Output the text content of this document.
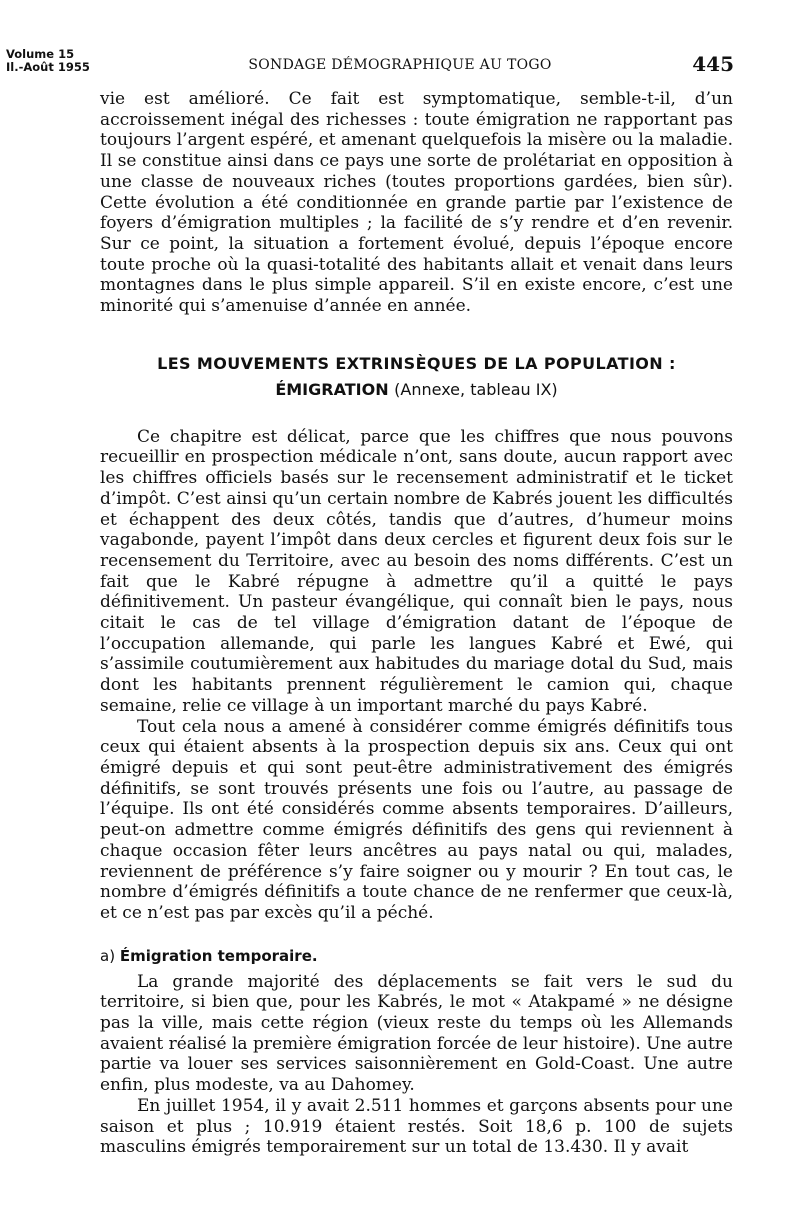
Volume 15
Il.-Août 1955	SONDAGE DÉMOGRAPHIQUE AU TOGO	445

vie est amélioré. Ce fait est symptomatique, semble-t-il, d’un accroissement inégal des richesses : toute émigration ne rapportant pas toujours l’argent espéré, et amenant quelquefois la misère ou la maladie. Il se constitue ainsi dans ce pays une sorte de prolétariat en opposition à une classe de nouveaux riches (toutes proportions gardées, bien sûr). Cette évolution a été conditionnée en grande partie par l’existence de foyers d’émigration multiples ; la facilité de s’y rendre et d’en revenir. Sur ce point, la situation a fortement évolué, depuis l’époque encore toute proche où la quasi-totalité des habitants allait et venait dans leurs montagnes dans le plus simple appareil. S’il en existe encore, c’est une minorité qui s’amenuise d’année en année.

LES MOUVEMENTS EXTRINSÈQUES DE LA POPULATION :
ÉMIGRATION (Annexe, tableau IX)

Ce chapitre est délicat, parce que les chiffres que nous pouvons recueillir en prospection médicale n’ont, sans doute, aucun rapport avec les chiffres officiels basés sur le recensement administratif et le ticket d’impôt. C’est ainsi qu’un certain nombre de Kabrés jouent les difficultés et échappent des deux côtés, tandis que d’autres, d’humeur moins vagabonde, payent l’impôt dans deux cercles et figurent deux fois sur le recensement du Territoire, avec au besoin des noms différents. C’est un fait que le Kabré répugne à admettre qu’il a quitté le pays définitivement. Un pasteur évangélique, qui connaît bien le pays, nous citait le cas de tel village d’émigration datant de l’époque de l’occupation allemande, qui parle les langues Kabré et Ewé, qui s’assimile coutumièrement aux habitudes du mariage dotal du Sud, mais dont les habitants prennent régulièrement le camion qui, chaque semaine, relie ce village à un important marché du pays Kabré.

Tout cela nous a amené à considérer comme émigrés définitifs tous ceux qui étaient absents à la prospection depuis six ans. Ceux qui ont émigré depuis et qui sont peut-être administrativement des émigrés définitifs, se sont trouvés présents une fois ou l’autre, au passage de l’équipe. Ils ont été considérés comme absents temporaires. D’ailleurs, peut-on admettre comme émigrés définitifs des gens qui reviennent à chaque occasion fêter leurs ancêtres au pays natal ou qui, malades, reviennent de préférence s’y faire soigner ou y mourir ? En tout cas, le nombre d’émigrés définitifs a toute chance de ne renfermer que ceux-là, et ce n’est pas par excès qu’il a péché.

a) Émigration temporaire.

La grande majorité des déplacements se fait vers le sud du territoire, si bien que, pour les Kabrés, le mot « Atakpamé » ne désigne pas la ville, mais cette région (vieux reste du temps où les Allemands avaient réalisé la première émigration forcée de leur histoire). Une autre partie va louer ses services saisonnièrement en Gold-Coast. Une autre enfin, plus modeste, va au Dahomey.

En juillet 1954, il y avait 2.511 hommes et garçons absents pour une saison et plus ; 10.919 étaient restés. Soit 18,6 p. 100 de sujets masculins émigrés temporairement sur un total de 13.430. Il y avait
